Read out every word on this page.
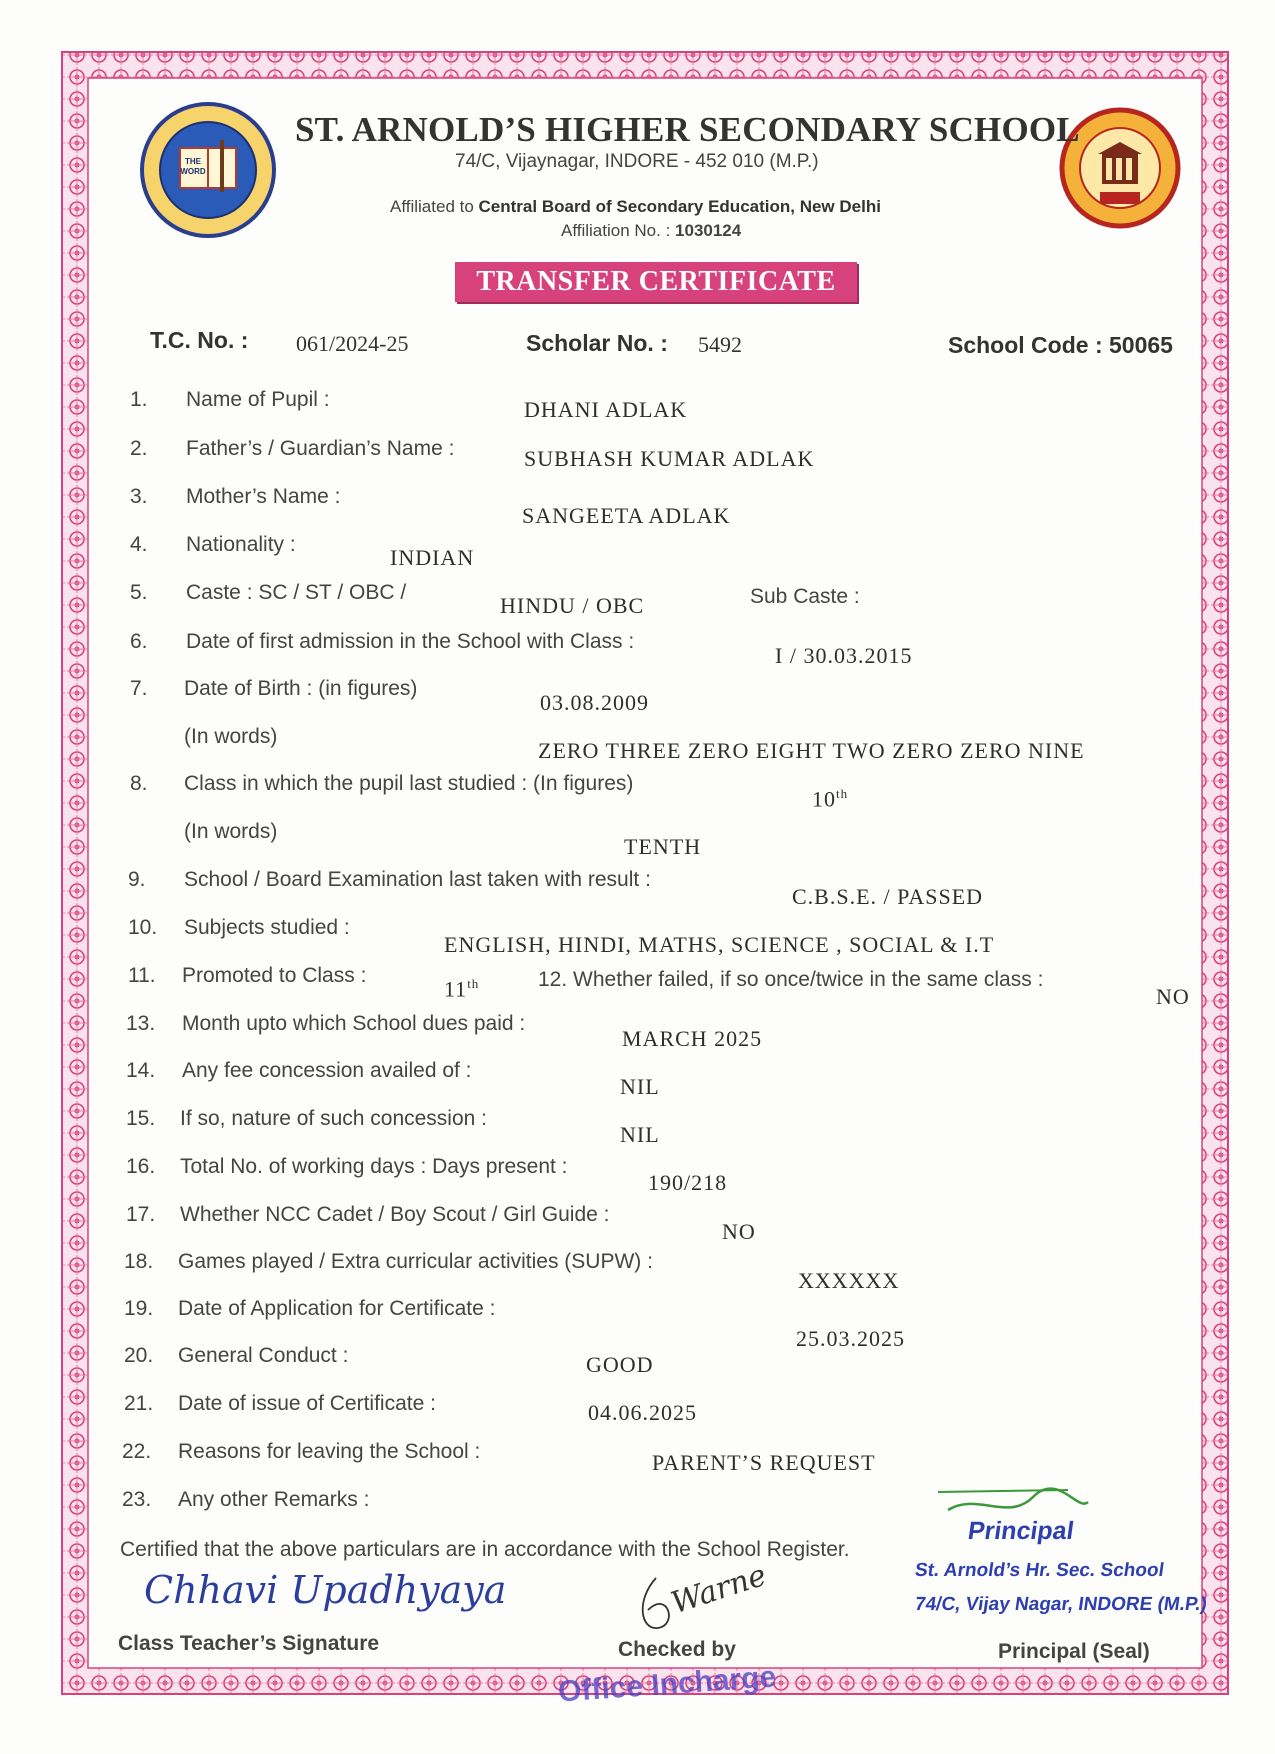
THE
WORD
ST. ARNOLD’S HIGHER SECONDARY SCHOOL
74/C, Vijaynagar, INDORE - 452 010 (M.P.)
Affiliated to Central Board of Secondary Education, New Delhi
Affiliation No. : 1030124
TRANSFER CERTIFICATE
T.C. No. : 061/2024-25	Scholar No. : 5492	School Code : 50065
1. Name of Pupil :	DHANI ADLAK
2. Father’s / Guardian’s Name :	SUBHASH KUMAR ADLAK
3. Mother’s Name :
SANGEETA ADLAK
4. Nationality :
INDIAN
5. Caste : SC / ST / OBC /
HINDU / OBC	Sub Caste :
6. Date of first admission in the School with Class :
I / 30.03.2015
7. Date of Birth : (in figures)
03.08.2009
(In words)
ZERO THREE ZERO EIGHT TWO ZERO ZERO NINE
8. Class in which the pupil last studied : (In figures)
10th
(In words)
TENTH
9. School / Board Examination last taken with result :
C.B.S.E. / PASSED
10. Subjects studied :
ENGLISH, HINDI, MATHS, SCIENCE , SOCIAL & I.T
11. Promoted to Class :
11th	12. Whether failed, if so once/twice in the same class :
NO
13. Month upto which School dues paid :
MARCH 2025
14. Any fee concession availed of :
NIL
15. If so, nature of such concession :
NIL
16. Total No. of working days : Days present :
190/218
17. Whether NCC Cadet / Boy Scout / Girl Guide :
NO
18. Games played / Extra curricular activities (SUPW) :
XXXXXX
19. Date of Application for Certificate :
25.03.2025
20. General Conduct :	GOOD
21. Date of issue of Certificate :	04.06.2025
22. Reasons for leaving the School :	PARENT’S REQUEST
23. Any other Remarks :
Certified that the above particulars are in accordance with the School Register.
Principal
St. Arnold’s Hr. Sec. School
74/C, Vijay Nagar, INDORE (M.P.)
Chhavi Upadhyaya
Class Teacher’s Signature
Warne
Checked by	Principal (Seal)
Office Incharge
